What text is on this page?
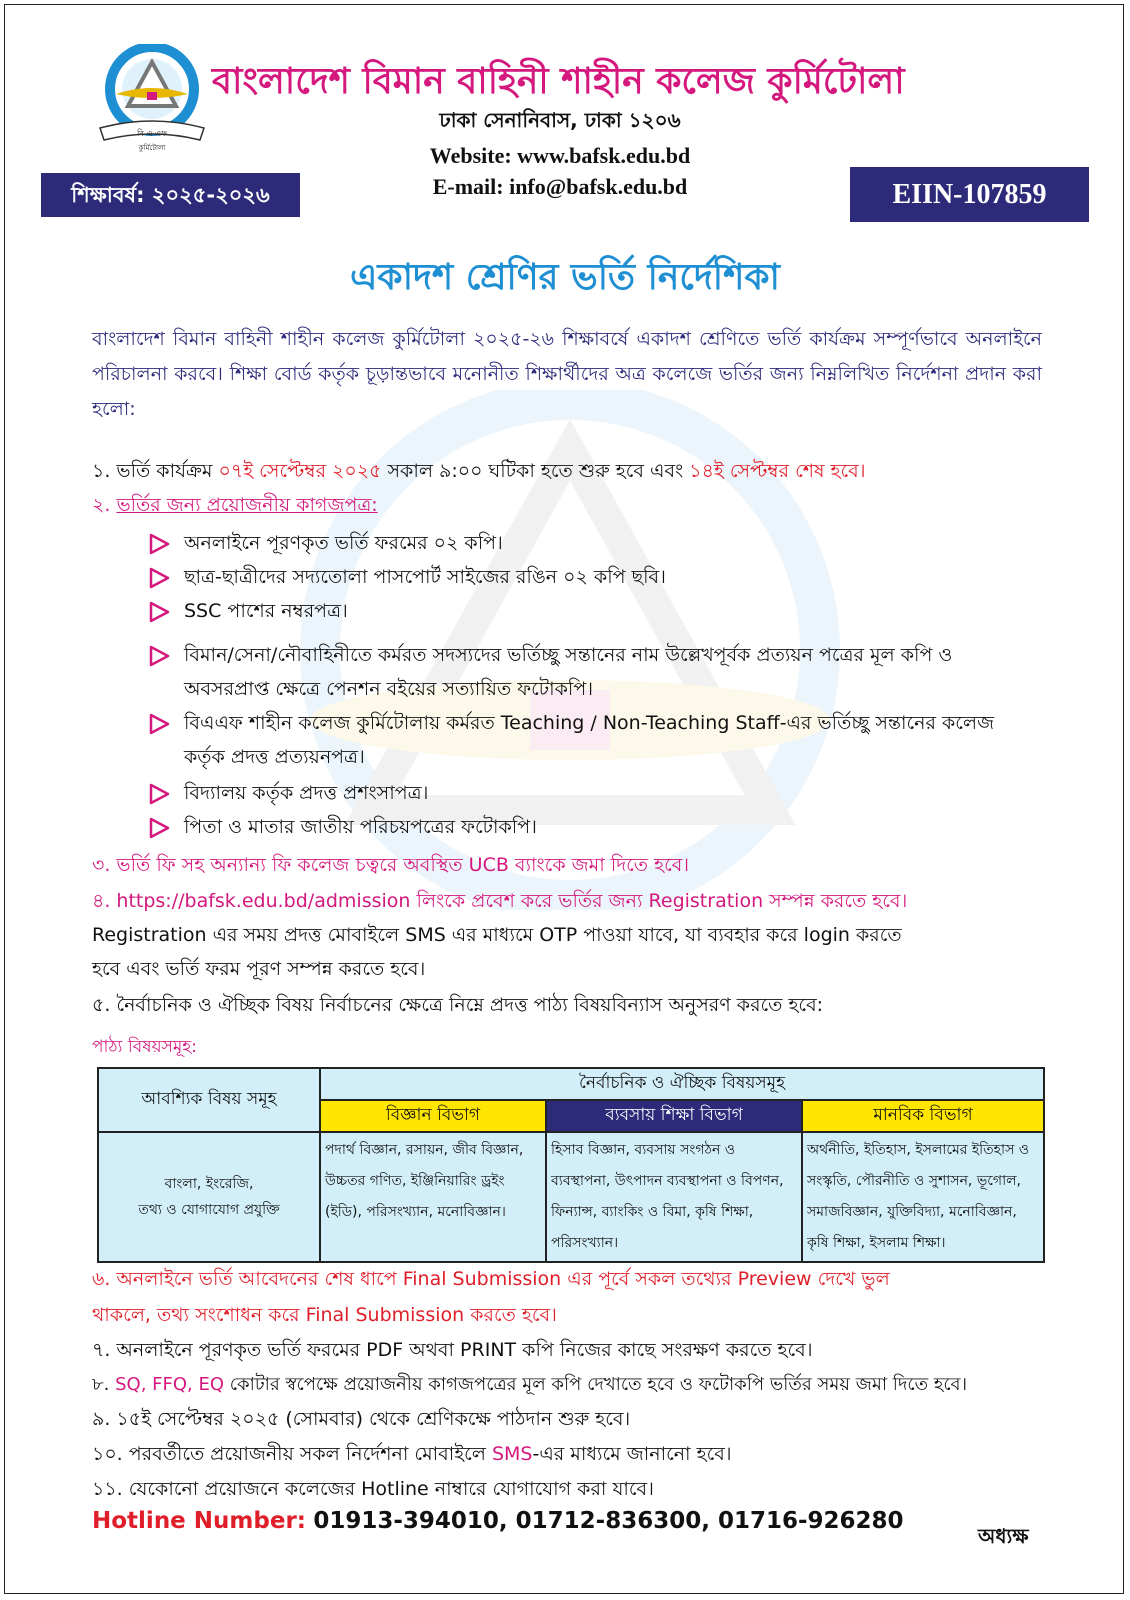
বি এ এফ
কুর্মিটোলা
বাংলাদেশ বিমান বাহিনী শাহীন কলেজ কুর্মিটোলা
ঢাকা সেনানিবাস, ঢাকা ১২০৬
Website: www.bafsk.edu.bd
E-mail: info@bafsk.edu.bd
শিক্ষাবর্ষ: ২০২৫-২০২৬	EIIN-107859
একাদশ শ্রেণির ভর্তি নির্দেশিকা
বাংলাদেশ বিমান বাহিনী শাহীন কলেজ কুর্মিটোলা ২০২৫-২৬ শিক্ষাবর্ষে একাদশ শ্রেণিতে ভর্তি কার্যক্রম সম্পূর্ণভাবে অনলাইনে পরিচালনা করবে। শিক্ষা বোর্ড কর্তৃক চূড়ান্তভাবে মনোনীত শিক্ষার্থীদের অত্র কলেজে ভর্তির জন্য নিম্নলিখিত নির্দেশনা প্রদান করা হলো:
১. ভর্তি কার্যক্রম ০৭ই সেপ্টেম্বর ২০২৫ সকাল ৯:০০ ঘটিকা হতে শুরু হবে এবং ১৪ই সেপ্টম্বর শেষ হবে।
২. ভর্তির জন্য প্রয়োজনীয় কাগজপত্র:
অনলাইনে পূরণকৃত ভর্তি ফরমের ০২ কপি।
ছাত্র-ছাত্রীদের সদ্যতোলা পাসপোর্ট সাইজের রঙিন ০২ কপি ছবি।
SSC পাশের নম্বরপত্র।
বিমান/সেনা/নৌবাহিনীতে কর্মরত সদস্যদের ভর্তিচ্ছু সন্তানের নাম উল্লেখপূর্বক প্রত্যয়ন পত্রের মূল কপি ও অবসরপ্রাপ্ত ক্ষেত্রে পেনশন বইয়ের সত্যায়িত ফটোকপি।
বিএএফ শাহীন কলেজ কুর্মিটোলায় কর্মরত Teaching / Non-Teaching Staff-এর ভর্তিচ্ছু সন্তানের কলেজ কর্তৃক প্রদত্ত প্রত্যয়নপত্র।
বিদ্যালয় কর্তৃক প্রদত্ত প্রশংসাপত্র।
পিতা ও মাতার জাতীয় পরিচয়পত্রের ফটোকপি।
৩. ভর্তি ফি সহ অন্যান্য ফি কলেজ চত্বরে অবস্থিত UCB ব্যাংকে জমা দিতে হবে।
৪. https://bafsk.edu.bd/admission লিংকে প্রবেশ করে ভর্তির জন্য Registration সম্পন্ন করতে হবে।
Registration এর সময় প্রদত্ত মোবাইলে SMS এর মাধ্যমে OTP পাওয়া যাবে, যা ব্যবহার করে login করতে
হবে এবং ভর্তি ফরম পূরণ সম্পন্ন করতে হবে।
৫. নৈর্বাচনিক ও ঐচ্ছিক বিষয় নির্বাচনের ক্ষেত্রে নিম্নে প্রদত্ত পাঠ্য বিষয়বিন্যাস অনুসরণ করতে হবে:
পাঠ্য বিষয়সমূহ:
আবশ্যিক বিষয় সমূহ	নৈর্বাচনিক ও ঐচ্ছিক বিষয়সমূহ		
	বিজ্ঞান বিভাগ	ব্যবসায় শিক্ষা বিভাগ	মানবিক বিভাগ

বাংলা, ইংরেজি,
তথ্য ও যোগাযোগ প্রযুক্তি	পদার্থ বিজ্ঞান, রসায়ন, জীব বিজ্ঞান, উচ্চতর গণিত, ইঞ্জিনিয়ারিং ড্রইং (ইডি), পরিসংখ্যান, মনোবিজ্ঞান।	হিসাব বিজ্ঞান, ব্যবসায় সংগঠন ও ব্যবস্থাপনা, উৎপাদন ব্যবস্থাপনা ও বিপণন, ফিন্যান্স, ব্যাংকিং ও বিমা, কৃষি শিক্ষা, পরিসংখ্যান।	অর্থনীতি, ইতিহাস, ইসলামের ইতিহাস ও সংস্কৃতি, পৌরনীতি ও সুশাসন, ভূগোল, সমাজবিজ্ঞান, যুক্তিবিদ্যা, মনোবিজ্ঞান, কৃষি শিক্ষা, ইসলাম শিক্ষা।
৬. অনলাইনে ভর্তি আবেদনের শেষ ধাপে Final Submission এর পূর্বে সকল তথ্যের Preview দেখে ভুল
থাকলে, তথ্য সংশোধন করে Final Submission করতে হবে।
৭. অনলাইনে পূরণকৃত ভর্তি ফরমের PDF অথবা PRINT কপি নিজের কাছে সংরক্ষণ করতে হবে।
৮. SQ, FFQ, EQ কোটার স্বপেক্ষে প্রয়োজনীয় কাগজপত্রের মূল কপি দেখাতে হবে ও ফটোকপি ভর্তির সময় জমা দিতে হবে।
৯. ১৫ই সেপ্টেম্বর ২০২৫ (সোমবার) থেকে শ্রেণিকক্ষে পাঠদান শুরু হবে।
১০. পরবর্তীতে প্রয়োজনীয় সকল নির্দেশনা মোবাইলে SMS-এর মাধ্যমে জানানো হবে।
১১. যেকোনো প্রয়োজনে কলেজের Hotline নাম্বারে যোগাযোগ করা যাবে।
Hotline Number: 01913-394010, 01712-836300, 01716-926280
অধ্যক্ষ
